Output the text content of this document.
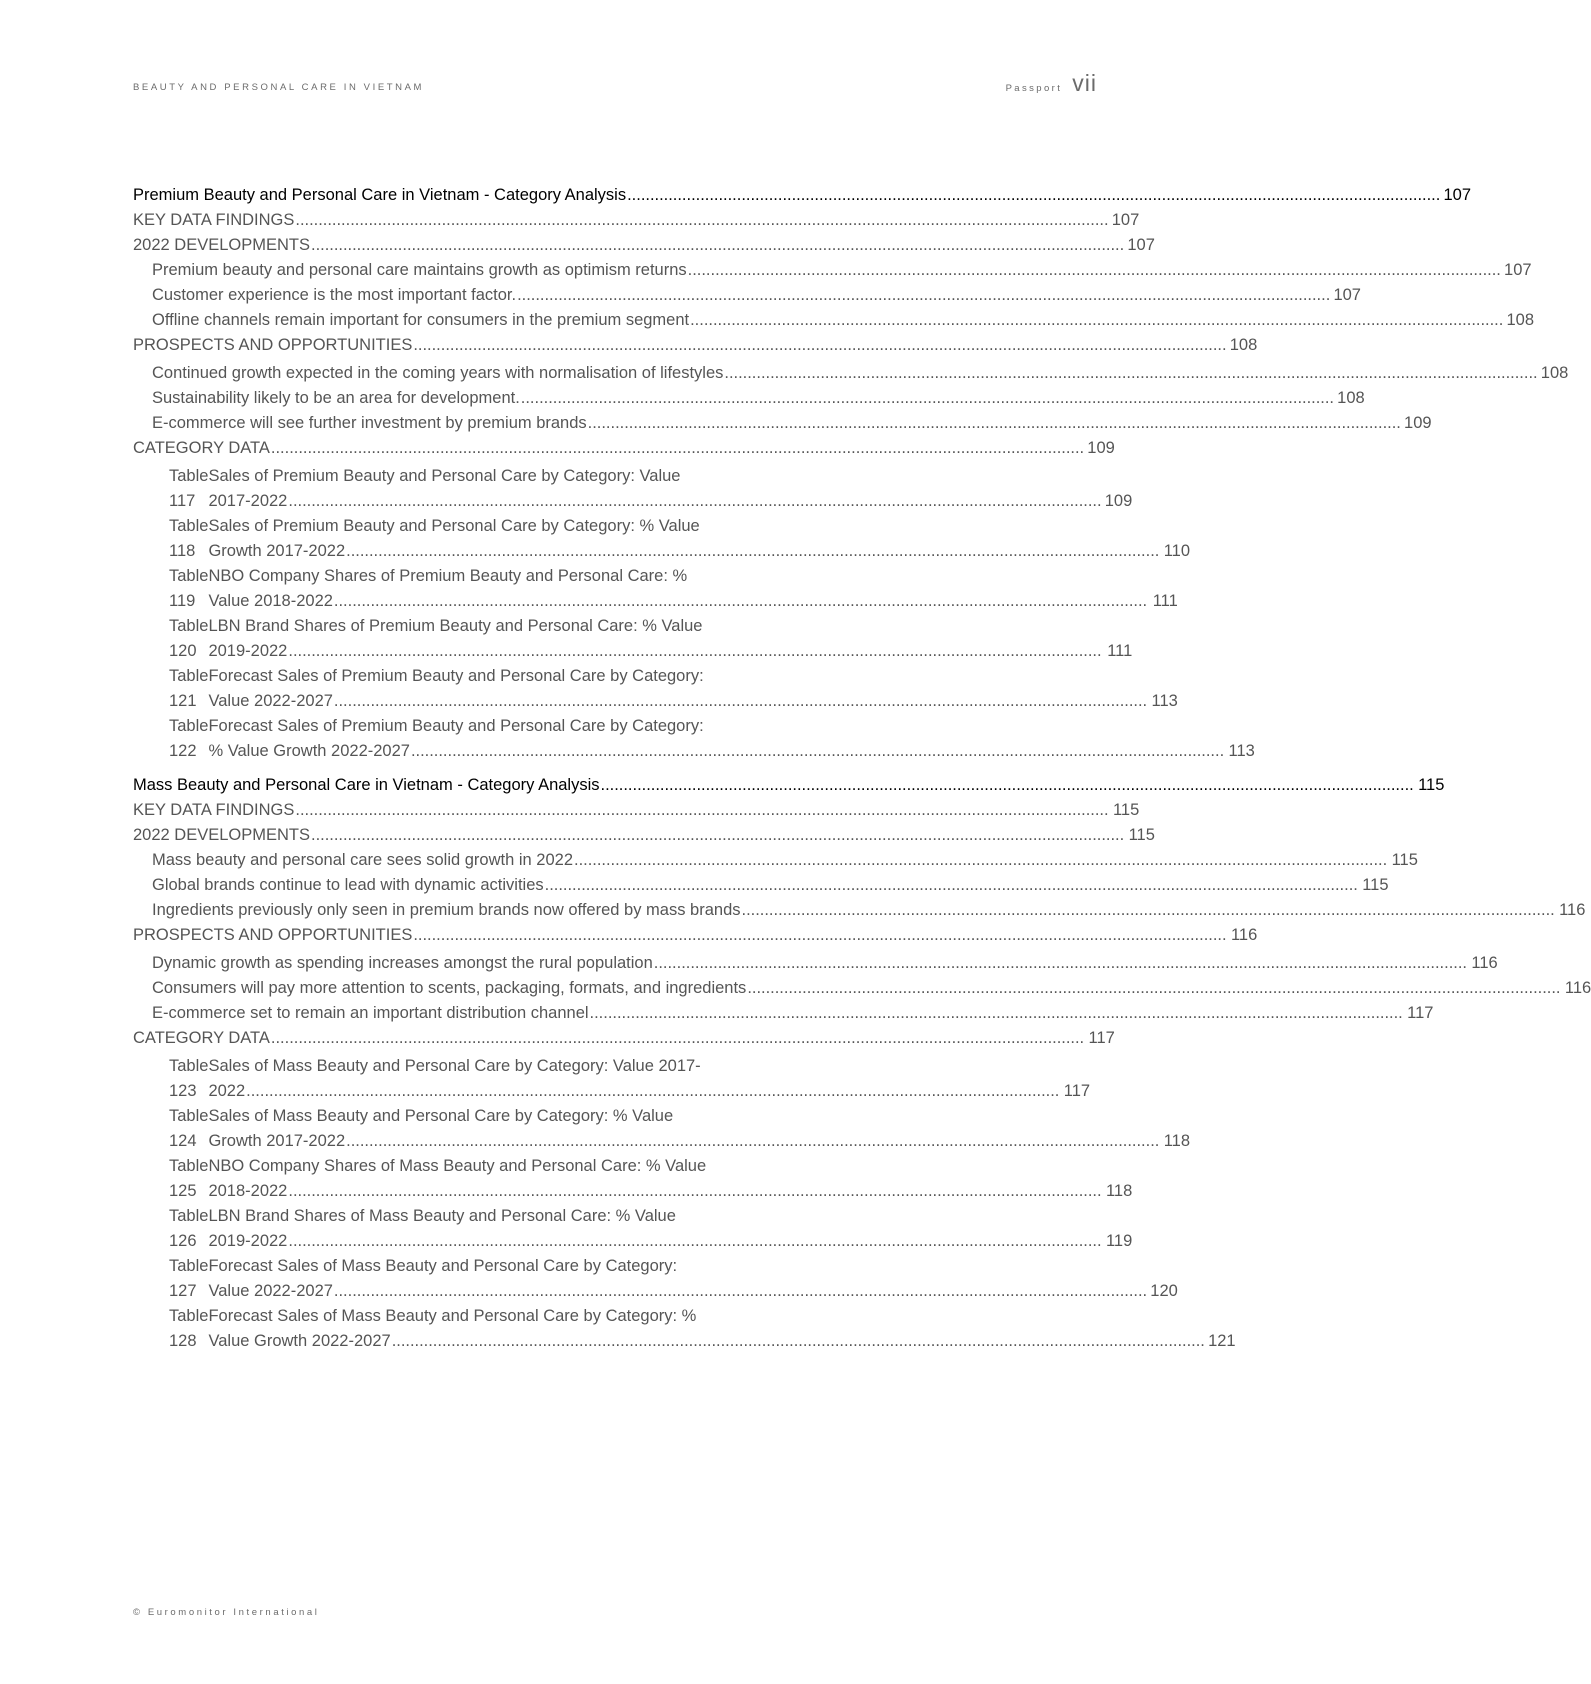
BEAUTY AND PERSONAL CARE IN VIETNAM	Passport vii
Premium Beauty and Personal Care in Vietnam - Category Analysis . . .	107
KEY DATA FINDINGS . . .	107
2022 DEVELOPMENTS . . .	107
Premium beauty and personal care maintains growth as optimism returns . . .	107
Customer experience is the most important factor. . . .	107
Offline channels remain important for consumers in the premium segment . . .	108
PROSPECTS AND OPPORTUNITIES . . .	108
Continued growth expected in the coming years with normalisation of lifestyles . . .	108
Sustainability likely to be an area for development. . . .	108
E-commerce will see further investment by premium brands . . .	109
CATEGORY DATA . . .	109
Table 117
Sales of Premium Beauty and Personal Care by Category: Value
2017-2022 . . .	109
Table 118
Sales of Premium Beauty and Personal Care by Category: % Value
Growth 2017-2022 . . .	110
Table 119
NBO Company Shares of Premium Beauty and Personal Care: %
Value 2018-2022 . . .	111
Table 120
LBN Brand Shares of Premium Beauty and Personal Care: % Value
2019-2022 . . .	111
Table 121
Forecast Sales of Premium Beauty and Personal Care by Category:
Value 2022-2027 . . .	113
Table 122
Forecast Sales of Premium Beauty and Personal Care by Category:
% Value Growth 2022-2027 . . .	113
Mass Beauty and Personal Care in Vietnam - Category Analysis . . .	115
KEY DATA FINDINGS . . .	115
2022 DEVELOPMENTS . . .	115
Mass beauty and personal care sees solid growth in 2022 . . .	115
Global brands continue to lead with dynamic activities . . .	115
Ingredients previously only seen in premium brands now offered by mass brands . . .	116
PROSPECTS AND OPPORTUNITIES . . .	116
Dynamic growth as spending increases amongst the rural population . . .	116
Consumers will pay more attention to scents, packaging, formats, and ingredients . . .	116
E-commerce set to remain an important distribution channel . . .	117
CATEGORY DATA . . .	117
Table 123
Sales of Mass Beauty and Personal Care by Category: Value 2017-
2022 . . .	117
Table 124
Sales of Mass Beauty and Personal Care by Category: % Value
Growth 2017-2022 . . .	118
Table 125
NBO Company Shares of Mass Beauty and Personal Care: % Value
2018-2022 . . .	118
Table 126
LBN Brand Shares of Mass Beauty and Personal Care: % Value
2019-2022 . . .	119
Table 127
Forecast Sales of Mass Beauty and Personal Care by Category:
Value 2022-2027 . . .	120
Table 128
Forecast Sales of Mass Beauty and Personal Care by Category: %
Value Growth 2022-2027 . . .	121
© Euromonitor International
